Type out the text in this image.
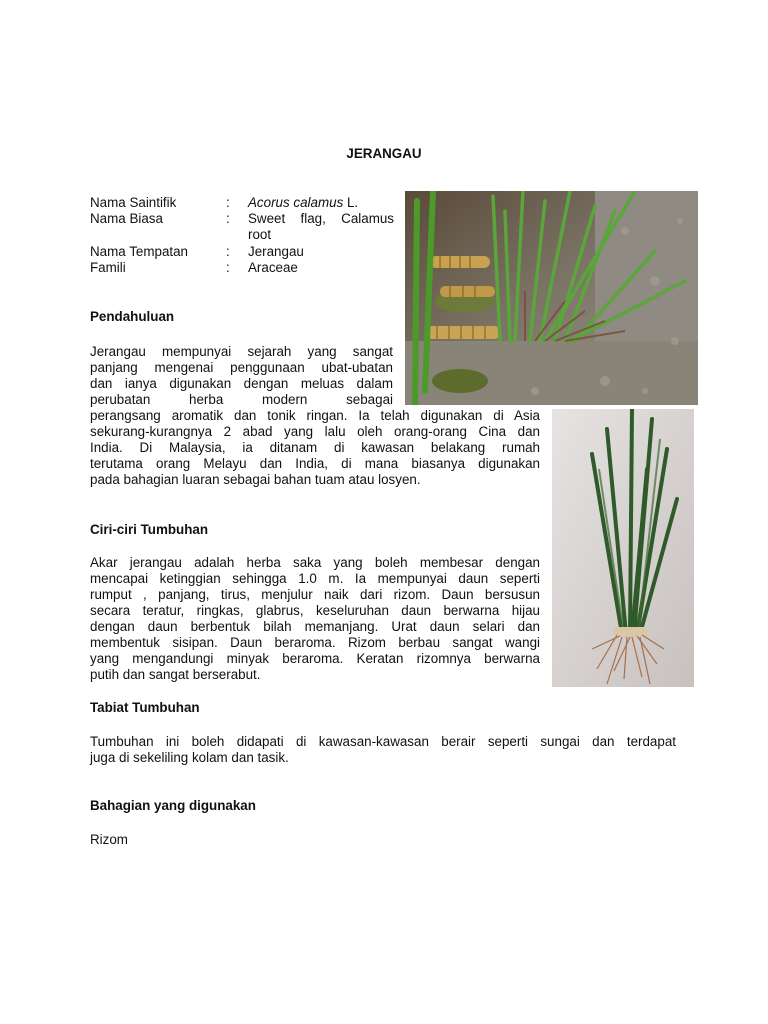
JERANGAU
Nama Saintifik	: Acorus calamus L.
Nama Biasa	: Sweet flag, Calamus
root
Nama Tempatan	: Jerangau
Famili	: Araceae
Pendahuluan
Jerangau mempunyai sejarah yang sangat
panjang mengenai penggunaan ubat-ubatan
dan ianya digunakan dengan meluas dalam
perubatan        herba        modern        sebagai
perangsang aromatik dan tonik ringan. Ia telah digunakan di Asia
sekurang-kurangnya 2 abad yang lalu oleh orang-orang Cina dan
India. Di Malaysia, ia ditanam di kawasan belakang rumah
terutama orang Melayu dan India, di mana biasanya digunakan
pada bahagian luaran sebagai bahan tuam atau losyen.
Ciri-ciri Tumbuhan
Akar jerangau adalah herba saka yang boleh membesar dengan
mencapai ketinggian sehingga 1.0 m. Ia mempunyai daun seperti
rumput , panjang, tirus, menjulur naik dari rizom. Daun bersusun
secara teratur, ringkas, glabrus, keseluruhan daun berwarna hijau
dengan daun berbentuk bilah memanjang. Urat daun selari dan
membentuk sisipan. Daun beraroma. Rizom berbau sangat wangi
yang mengandungi minyak beraroma. Keratan rizomnya berwarna
putih dan sangat berserabut.
Tabiat Tumbuhan
Tumbuhan ini boleh didapati di kawasan-kawasan berair seperti sungai dan terdapat
juga di sekeliling kolam dan tasik.
Bahagian yang digunakan
Rizom
